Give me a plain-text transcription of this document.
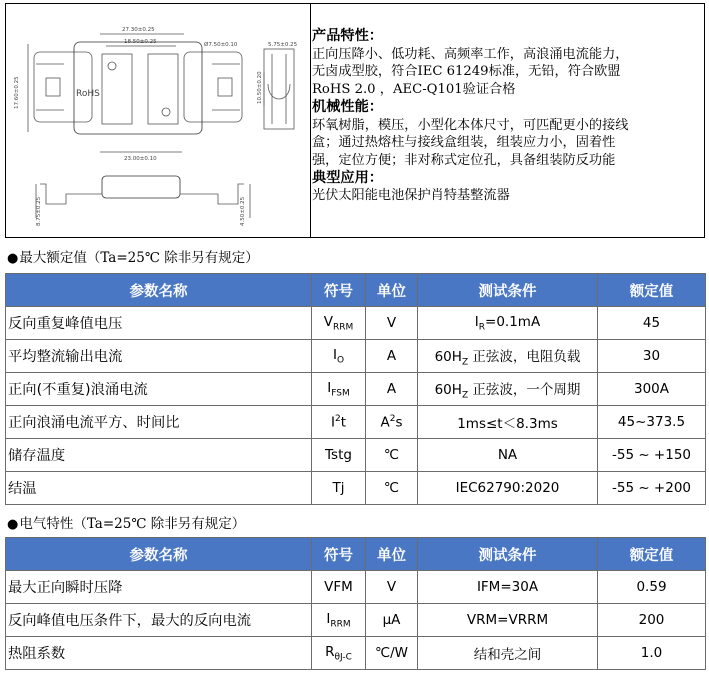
27.30±0.25
18.50±0.25	Ø7.50±0.10	5.75±0.25
23.00±0.10
17.60±0.25	10.50±0.20
8.75±0.25	4.50±0.25
RoHS
产品特性：
正向压降小、低功耗、高频率工作，高浪涌电流能力，
无卤成型胶，符合IEC 61249标准，无铅，符合欧盟
RoHS 2.0 ，AEC-Q101验证合格
机械性能：
环氧树脂，模压，小型化本体尺寸，可匹配更小的接线
盒；通过热熔柱与接线盒组装，组装应力小，固着性
强，定位方便；非对称式定位孔，具备组装防反功能
典型应用：
光伏太阳能电池保护肖特基整流器
●最大额定值（Ta=25℃ 除非另有规定）
参数名称	符号	单位	测试条件	额定值
反向重复峰值电压	$V_{RRM}$	V	$I_R=0.1mA$	45
平均整流输出电流	$I_O$	A	$60H_Z$ 正弦波，电阻负载	30
正向(不重复)浪涌电流	$I_{FSM}$	A	$60H_Z$ 正弦波，一个周期	300A
正向浪涌电流平方、时间比	$I^2t$	$A^2s$	1ms≤t＜8.3ms	45~373.5
储存温度	Tstg	℃	NA	-55 ~ +150
结温	Tj	℃	IEC62790:2020	-55 ~ +200
●电气特性（Ta=25℃ 除非另有规定）
参数名称	符号	单位	测试条件	额定值
最大正向瞬时压降	VFM	V	IFM=30A	0.59
反向峰值电压条件下，最大的反向电流	$I_{RRM}$	μA	VRM=VRRM	200
热阻系数	$R_{\theta J-C}$	℃/W	结和壳之间	1.0
